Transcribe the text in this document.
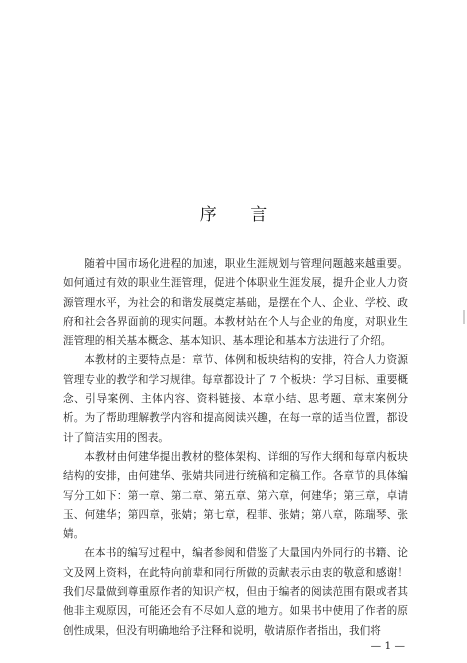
序 言

随着中国市场化进程的加速，职业生涯规划与管理问题越来越重要。如何通过有效的职业生涯管理，促进个体职业生涯发展，提升企业人力资源管理水平，为社会的和谐发展奠定基础，是摆在个人、企业、学校、政府和社会各界面前的现实问题。本教材站在个人与企业的角度，对职业生涯管理的相关基本概念、基本知识、基本理论和基本方法进行了介绍。

本教材的主要特点是：章节、体例和板块结构的安排，符合人力资源管理专业的教学和学习规律。每章都设计了 7 个板块：学习目标、重要概念、引导案例、主体内容、资料链接、本章小结、思考题、章末案例分析。为了帮助理解教学内容和提高阅读兴趣，在每一章的适当位置，都设计了简洁实用的图表。

本教材由何建华提出教材的整体架构、详细的写作大纲和每章内板块结构的安排，由何建华、张婧共同进行统稿和定稿工作。各章节的具体编写分工如下：第一章、第二章、第五章、第六章，何建华；第三章，卓请玉、何建华；第四章，张婧；第七章，程菲、张婧；第八章，陈瑞琴、张婧。

在本书的编写过程中，编者参阅和借鉴了大量国内外同行的书籍、论文及网上资料，在此特向前辈和同行所做的贡献表示由衷的敬意和感谢！我们尽量做到尊重原作者的知识产权，但由于编者的阅读范围有限或者其他非主观原因，可能还会有不尽如人意的地方。如果书中使用了作者的原创性成果，但没有明确地给予注释和说明，敬请原作者指出，我们将

— 1 —
